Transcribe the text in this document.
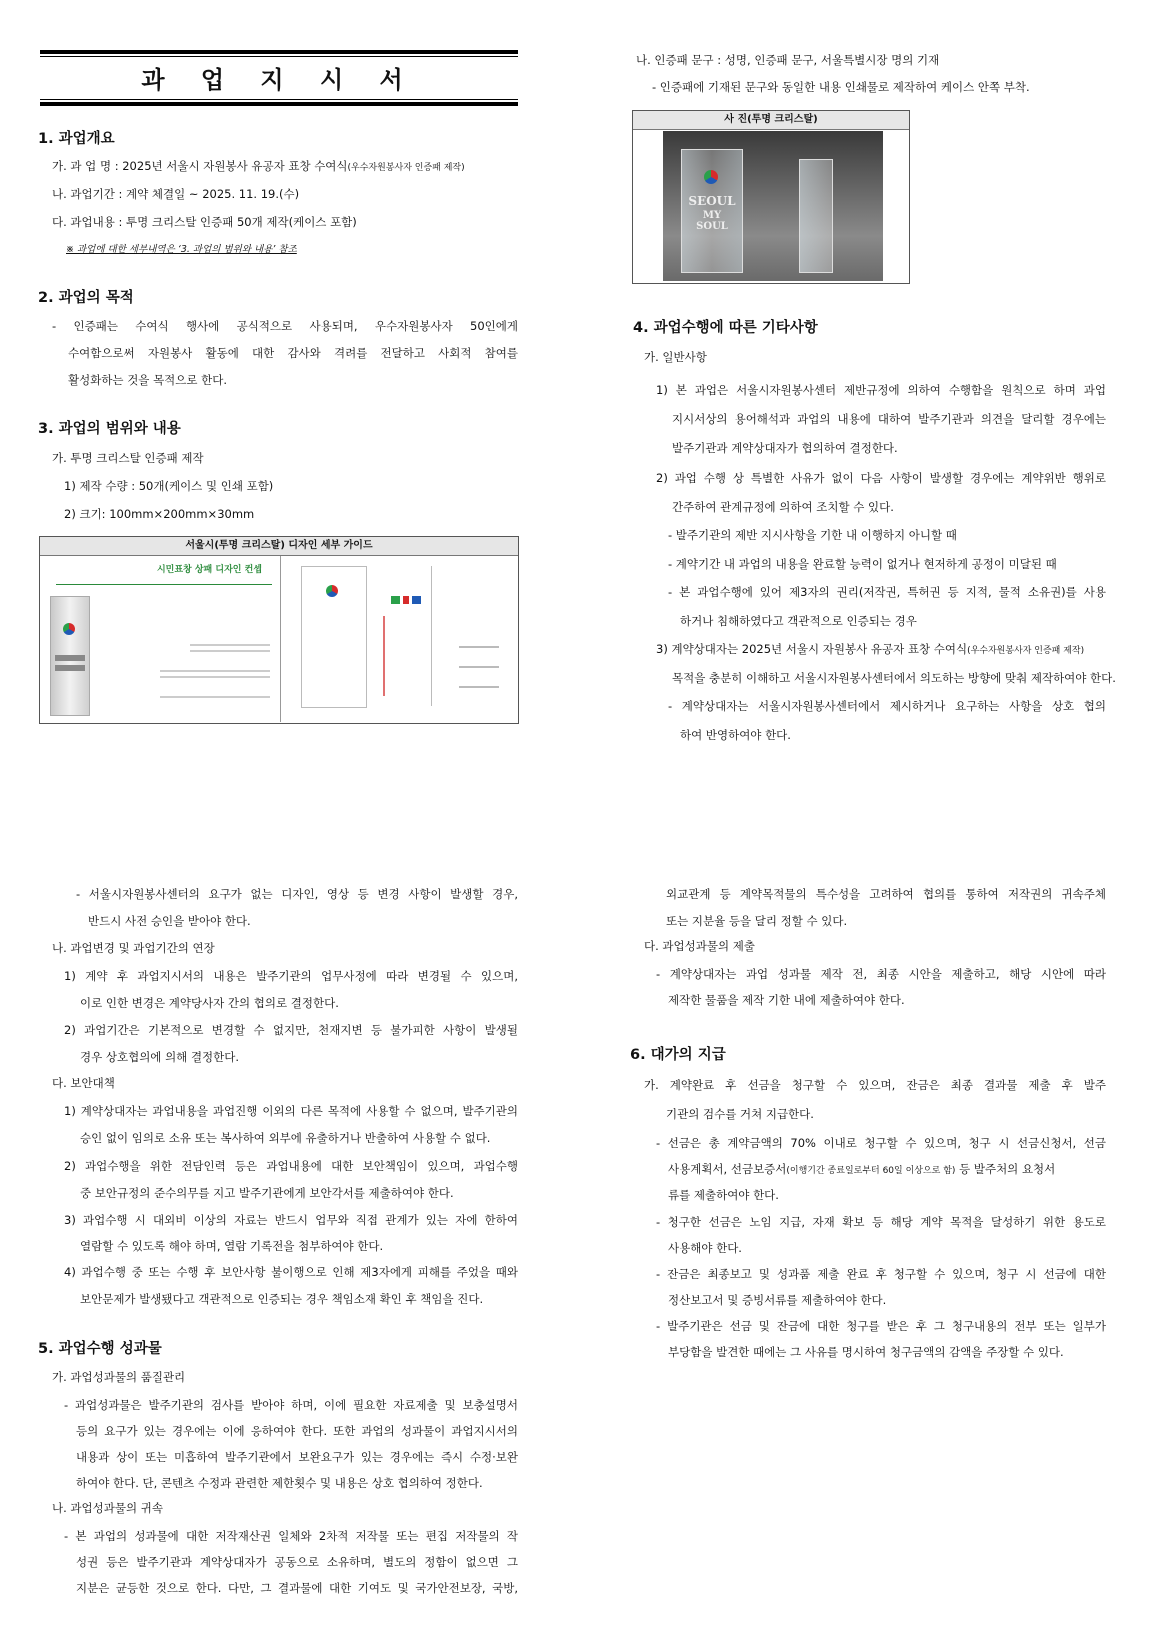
과 업 지 시 서
1. 과업개요
가. 과 업 명 : 2025년 서울시 자원봉사 유공자 표창 수여식(우수자원봉사자 인증패 제작)
나. 과업기간 : 계약 체결일 ~ 2025. 11. 19.(수)
다. 과업내용 : 투명 크리스탈 인증패 50개 제작(케이스 포함)
※ 과업에 대한 세부내역은 ‘3. 과업의 범위와 내용’ 참조
2. 과업의 목적
- 인증패는 수여식 행사에 공식적으로 사용되며, 우수자원봉사자 50인에게
수여함으로써 자원봉사 활동에 대한 감사와 격려를 전달하고 사회적 참여를
활성화하는 것을 목적으로 한다.
3. 과업의 범위와 내용
가. 투명 크리스탈 인증패 제작
1) 제작 수량 : 50개(케이스 및 인쇄 포함)
2) 크기: 100mm×200mm×30mm
서울시(투명 크리스탈) 디자인 세부 가이드
시민표창 상패 디자인 컨셉
나. 인증패 문구 : 성명, 인증패 문구, 서울특별시장 명의 기재
- 인증패에 기재된 문구와 동일한 내용 인쇄물로 제작하여 케이스 안쪽 부착.
사 진(투명 크리스탈)
SEOUL
MY SOUL
4. 과업수행에 따른 기타사항
가. 일반사항
1) 본 과업은 서울시자원봉사센터 제반규정에 의하여 수행함을 원칙으로 하며 과업
지시서상의 용어해석과 과업의 내용에 대하여 발주기관과 의견을 달리할 경우에는
발주기관과 계약상대자가 협의하여 결정한다.
2) 과업 수행 상 특별한 사유가 없이 다음 사항이 발생할 경우에는 계약위반 행위로
간주하여 관계규정에 의하여 조치할 수 있다.
- 발주기관의 제반 지시사항을 기한 내 이행하지 아니할 때
- 계약기간 내 과업의 내용을 완료할 능력이 없거나 현저하게 공정이 미달된 때
- 본 과업수행에 있어 제3자의 권리(저작권, 특허권 등 지적, 물적 소유권)를 사용
하거나 침해하였다고 객관적으로 인증되는 경우
3) 계약상대자는 2025년 서울시 자원봉사 유공자 표창 수여식(우수자원봉사자 인증패 제작)
목적을 충분히 이해하고 서울시자원봉사센터에서 의도하는 방향에 맞춰 제작하여야 한다.
- 계약상대자는 서울시자원봉사센터에서 제시하거나 요구하는 사항을 상호 협의
하여 반영하여야 한다.
- 서울시자원봉사센터의 요구가 없는 디자인, 영상 등 변경 사항이 발생할 경우,
반드시 사전 승인을 받아야 한다.
나. 과업변경 및 과업기간의 연장
1) 계약 후 과업지시서의 내용은 발주기관의 업무사정에 따라 변경될 수 있으며,
이로 인한 변경은 계약당사자 간의 협의로 결정한다.
2) 과업기간은 기본적으로 변경할 수 없지만, 천재지변 등 불가피한 사항이 발생될
경우 상호협의에 의해 결정한다.
다. 보안대책
1) 계약상대자는 과업내용을 과업진행 이외의 다른 목적에 사용할 수 없으며, 발주기관의
승인 없이 임의로 소유 또는 복사하여 외부에 유출하거나 반출하여 사용할 수 없다.
2) 과업수행을 위한 전담인력 등은 과업내용에 대한 보안책임이 있으며, 과업수행
중 보안규정의 준수의무를 지고 발주기관에게 보안각서를 제출하여야 한다.
3) 과업수행 시 대외비 이상의 자료는 반드시 업무와 직접 관계가 있는 자에 한하여
열람할 수 있도록 해야 하며, 열람 기록전을 첨부하여야 한다.
4) 과업수행 중 또는 수행 후 보안사항 불이행으로 인해 제3자에게 피해를 주었을 때와
보안문제가 발생됐다고 객관적으로 인증되는 경우 책임소재 확인 후 책임을 진다.
5. 과업수행 성과물
가. 과업성과물의 품질관리
- 과업성과물은 발주기관의 검사를 받아야 하며, 이에 필요한 자료제출 및 보충설명서
등의 요구가 있는 경우에는 이에 응하여야 한다. 또한 과업의 성과물이 과업지시서의
내용과 상이 또는 미흡하여 발주기관에서 보완요구가 있는 경우에는 즉시 수정·보완
하여야 한다. 단, 콘텐츠 수정과 관련한 제한횟수 및 내용은 상호 협의하여 정한다.
나. 과업성과물의 귀속
- 본 과업의 성과물에 대한 저작재산권 일체와 2차적 저작물 또는 편집 저작물의 작
성권 등은 발주기관과 계약상대자가 공동으로 소유하며, 별도의 정함이 없으면 그
지분은 균등한 것으로 한다. 다만, 그 결과물에 대한 기여도 및 국가안전보장, 국방,
외교관계 등 계약목적물의 특수성을 고려하여 협의를 통하여 저작권의 귀속주체
또는 지분율 등을 달리 정할 수 있다.
다. 과업성과물의 제출
- 계약상대자는 과업 성과물 제작 전, 최종 시안을 제출하고, 해당 시안에 따라
제작한 물품을 제작 기한 내에 제출하여야 한다.
6. 대가의 지급
가. 계약완료 후 선금을 청구할 수 있으며, 잔금은 최종 결과물 제출 후 발주
기관의 검수를 거쳐 지급한다.
- 선금은 총 계약금액의 70% 이내로 청구할 수 있으며, 청구 시 선금신청서, 선금
사용계획서, 선금보증서(이행기간 종료일로부터 60일 이상으로 함) 등 발주처의 요청서
류를 제출하여야 한다.
- 청구한 선금은 노임 지급, 자재 확보 등 해당 계약 목적을 달성하기 위한 용도로
사용해야 한다.
- 잔금은 최종보고 및 성과품 제출 완료 후 청구할 수 있으며, 청구 시 선금에 대한
정산보고서 및 증빙서류를 제출하여야 한다.
- 발주기관은 선금 및 잔금에 대한 청구를 받은 후 그 청구내용의 전부 또는 일부가
부당함을 발견한 때에는 그 사유를 명시하여 청구금액의 감액을 주장할 수 있다.
